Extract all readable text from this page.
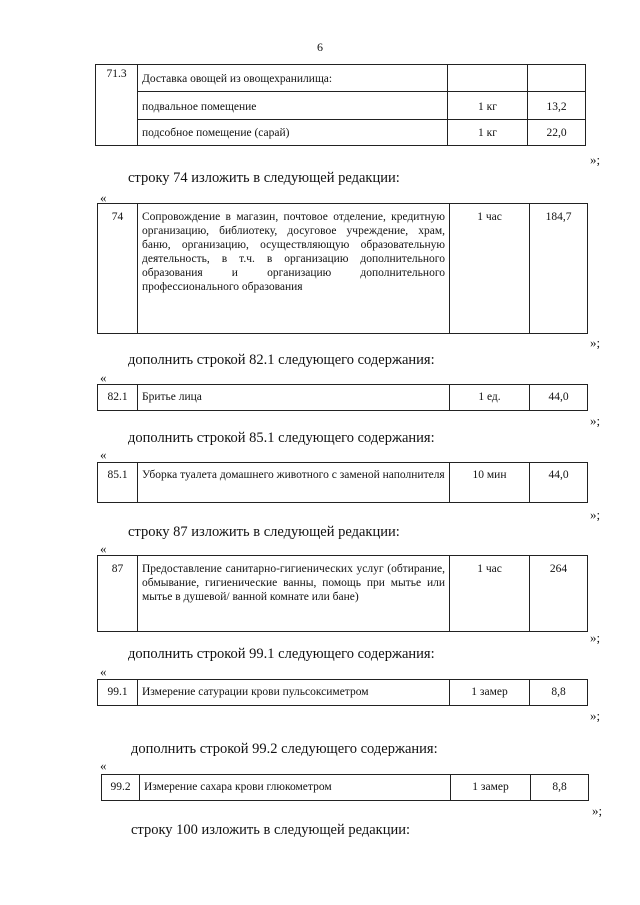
6
71.3	Доставка овощей из овощехранилища:		
	подвальное помещение	1 кг	13,2
	подсобное помещение (сарай)	1 кг	22,0
»;
строку 74 изложить в следующей редакции:
«
74	Сопровождение в магазин, почтовое отделение, кредитную организацию, библиотеку, досуговое учреждение, храм, баню, организацию, осуществляющую образовательную деятельность, в т.ч. в организацию дополнительного образования и организацию дополнительного профессионального образования	1 час	184,7
»;
дополнить строкой 82.1 следующего содержания:
«
82.1	Бритье лица	1 ед.	44,0
»;
дополнить строкой 85.1 следующего содержания:
«
85.1	Уборка туалета домашнего животного с заменой наполнителя	10 мин	44,0
»;
строку 87 изложить в следующей редакции:
«
87	Предоставление санитарно-гигиенических услуг (обтирание, обмывание, гигиенические ванны, помощь при мытье или мытье в душевой/ ванной комнате или бане)	1 час	264
»;
дополнить строкой 99.1 следующего содержания:
«
99.1	Измерение сатурации крови пульсоксиметром	1 замер	8,8
»;
дополнить строкой 99.2 следующего содержания:
«
99.2	Измерение сахара крови глюкометром	1 замер	8,8
»;
строку 100 изложить в следующей редакции:
